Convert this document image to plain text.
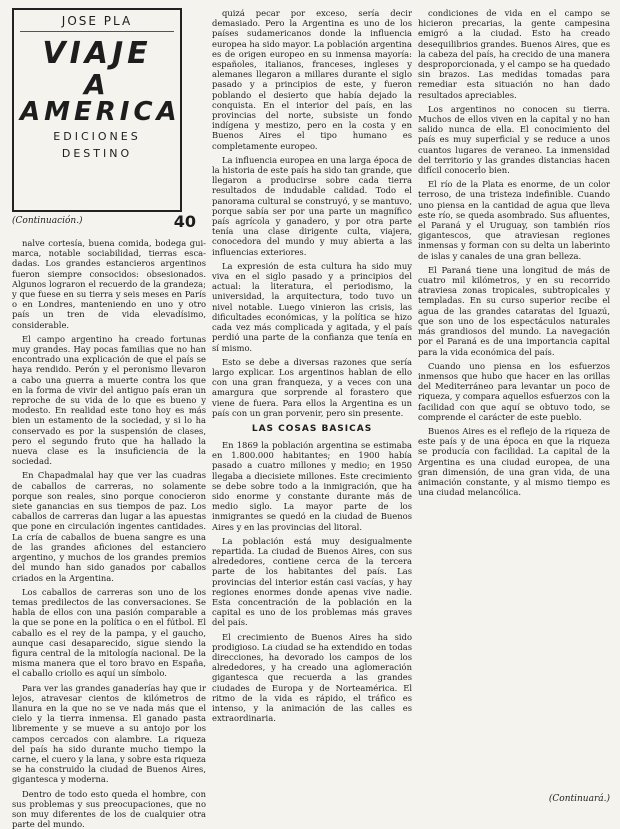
JOSE PLA
VIAJE
A
AMERICA
EDICIONES
DESTINO
(Continuación.)	40

nalve cortesía, buena comida, bodega gui-marca, notable sociabilidad, tierras esca-dadas. Los grandes estancieros argentinos fueron siempre consocidos: obsesionados. Algunos lograron el recuerdo de la grandeza; y que fuese en su tierra y seis meses en París o en Londres, manteniendo en uno y otro país un tren de vida elevadísimo, considerable.

El campo argentino ha creado fortunas muy grandes. Hay pocas familias que no han encontrado una explicación de que el país se haya rendido. Perón y el peronismo llevaron a cabo una guerra a muerte contra los que en la forma de vivir del antiguo país eran un reproche de su vida de lo que es bueno y modesto. En realidad este tono hoy es más bien un estamento de la sociedad, y si lo ha conservado es por la suspensión de clases, pero el segundo fruto que ha hallado la nueva clase es la insuficiencia de la sociedad.

En Chapadmalal hay que ver las cuadras de caballos de carreras, no solamente porque son reales, sino porque conocieron siete ganancias en sus tiempos de paz. Los caballos de carreras dan lugar a las apuestas que pone en circulación ingentes cantidades. La cría de caballos de buena sangre es una de las grandes aficiones del estanciero argentino, y muchos de los grandes premios del mundo han sido ganados por caballos criados en la Argentina.

Los caballos de carreras son uno de los temas predilectos de las conversaciones. Se habla de ellos con una pasión comparable a la que se pone en la política o en el fútbol. El caballo es el rey de la pampa, y el gaucho, aunque casi desaparecido, sigue siendo la figura central de la mitología nacional. De la misma manera que el toro bravo en España, el caballo criollo es aquí un símbolo.

Para ver las grandes ganaderías hay que ir lejos, atravesar cientos de kilómetros de llanura en la que no se ve nada más que el cielo y la tierra inmensa. El ganado pasta libremente y se mueve a su antojo por los campos cercados con alambre. La riqueza del país ha sido durante mucho tiempo la carne, el cuero y la lana, y sobre esta riqueza se ha construido la ciudad de Buenos Aires, gigantesca y moderna.

Dentro de todo esto queda el hombre, con sus problemas y sus preocupaciones, que no son muy diferentes de los de cualquier otra parte del mundo.

quizá pecar por exceso, sería decir demasiado. Pero la Argentina es uno de los países sudamericanos donde la influencia europea ha sido mayor. La población argentina es de origen europeo en su inmensa mayoría: españoles, italianos, franceses, ingleses y alemanes llegaron a millares durante el siglo pasado y a principios de este, y fueron poblando el desierto que había dejado la conquista. En el interior del país, en las provincias del norte, subsiste un fondo indígena y mestizo, pero en la costa y en Buenos Aires el tipo humano es completamente europeo.

La influencia europea en una larga época de la historia de este país ha sido tan grande, que llegaron a producirse sobre cada tierra resultados de indudable calidad. Todo el panorama cultural se construyó, y se mantuvo, porque sabía ser por una parte un magnífico país agrícola y ganadero, y por otra parte tenía una clase dirigente culta, viajera, conocedora del mundo y muy abierta a las influencias exteriores.

La expresión de esta cultura ha sido muy viva en el siglo pasado y a principios del actual: la literatura, el periodismo, la universidad, la arquitectura, todo tuvo un nivel notable. Luego vinieron las crisis, las dificultades económicas, y la política se hizo cada vez más complicada y agitada, y el país perdió una parte de la confianza que tenía en sí mismo.

Esto se debe a diversas razones que sería largo explicar. Los argentinos hablan de ello con una gran franqueza, y a veces con una amargura que sorprende al forastero que viene de fuera. Para ellos la Argentina es un país con un gran porvenir, pero sin presente.

LAS COSAS BASICAS

En 1869 la población argentina se estimaba en 1.800.000 habitantes; en 1900 había pasado a cuatro millones y medio; en 1950 llegaba a diecisiete millones. Este crecimiento se debe sobre todo a la inmigración, que ha sido enorme y constante durante más de medio siglo. La mayor parte de los inmigrantes se quedó en la ciudad de Buenos Aires y en las provincias del litoral.

La población está muy desigualmente repartida. La ciudad de Buenos Aires, con sus alrededores, contiene cerca de la tercera parte de los habitantes del país. Las provincias del interior están casi vacías, y hay regiones enormes donde apenas vive nadie. Esta concentración de la población en la capital es uno de los problemas más graves del país.

El crecimiento de Buenos Aires ha sido prodigioso. La ciudad se ha extendido en todas direcciones, ha devorado los campos de los alrededores, y ha creado una aglomeración gigantesca que recuerda a las grandes ciudades de Europa y de Norteamérica. El ritmo de la vida es rápido, el tráfico es intenso, y la animación de las calles es extraordinaria.

condiciones de vida en el campo se hicieron precarias, la gente campesina emigró a la ciudad. Esto ha creado desequilibrios grandes. Buenos Aires, que es la cabeza del país, ha crecido de una manera desproporcionada, y el campo se ha quedado sin brazos. Las medidas tomadas para remediar esta situación no han dado resultados apreciables.

Los argentinos no conocen su tierra. Muchos de ellos viven en la capital y no han salido nunca de ella. El conocimiento del país es muy superficial y se reduce a unos cuantos lugares de veraneo. La inmensidad del territorio y las grandes distancias hacen difícil conocerlo bien.

El río de la Plata es enorme, de un color terroso, de una tristeza indefinible. Cuando uno piensa en la cantidad de agua que lleva este río, se queda asombrado. Sus afluentes, el Paraná y el Uruguay, son también ríos gigantescos, que atraviesan regiones inmensas y forman con su delta un laberinto de islas y canales de una gran belleza.

El Paraná tiene una longitud de más de cuatro mil kilómetros, y en su recorrido atraviesa zonas tropicales, subtropicales y templadas. En su curso superior recibe el agua de las grandes cataratas del Iguazú, que son uno de los espectáculos naturales más grandiosos del mundo. La navegación por el Paraná es de una importancia capital para la vida económica del país.

Cuando uno piensa en los esfuerzos inmensos que hubo que hacer en las orillas del Mediterráneo para levantar un poco de riqueza, y compara aquellos esfuerzos con la facilidad con que aquí se obtuvo todo, se comprende el carácter de este pueblo.

Buenos Aires es el reflejo de la riqueza de este país y de una época en que la riqueza se producía con facilidad. La capital de la Argentina es una ciudad europea, de una gran dimensión, de una gran vida, de una animación constante, y al mismo tiempo es una ciudad melancólica.

(Continuará.)
